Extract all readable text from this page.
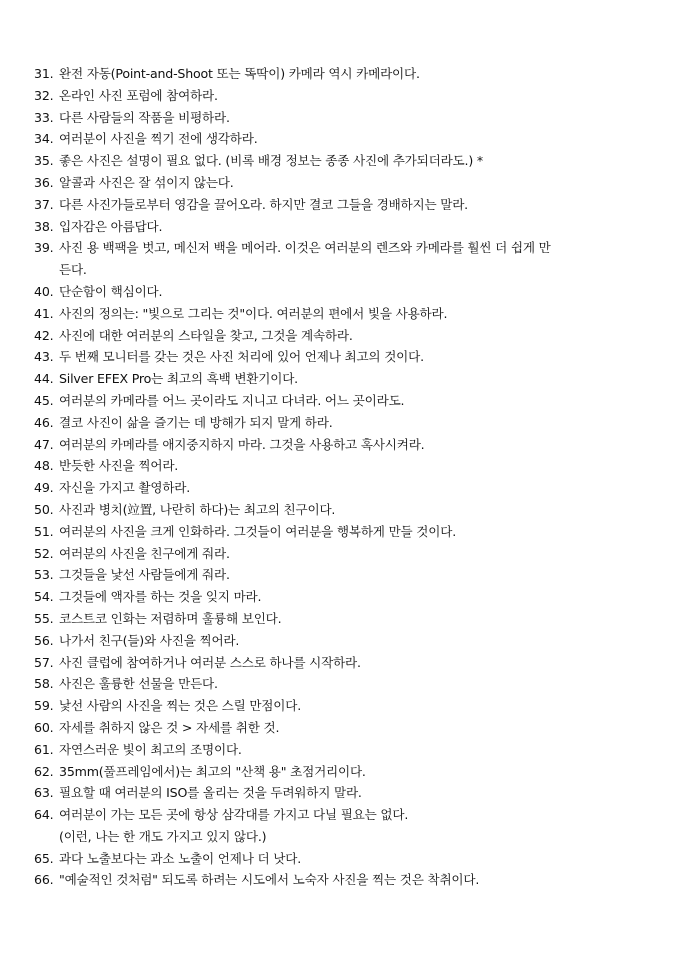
31. 완전 자동(Point-and-Shoot 또는 똑딱이) 카메라 역시 카메라이다.
32. 온라인 사진 포럼에 참여하라.
33. 다른 사람들의 작품을 비평하라.
34. 여러분이 사진을 찍기 전에 생각하라.
35. 좋은 사진은 설명이 필요 없다. (비록 배경 정보는 종종 사진에 추가되더라도.) *
36. 알콜과 사진은 잘 섞이지 않는다.
37. 다른 사진가들로부터 영감을 끌어오라. 하지만 결코 그들을 경배하지는 말라.
38. 입자감은 아름답다.
39. 사진 용 백팩을 벗고, 메신저 백을 메어라. 이것은 여러분의 렌즈와 카메라를 훨씬 더 쉽게 만
든다.
40. 단순함이 핵심이다.
41. 사진의 정의는: "빛으로 그리는 것"이다. 여러분의 편에서 빛을 사용하라.
42. 사진에 대한 여러분의 스타일을 찾고, 그것을 계속하라.
43. 두 번째 모니터를 갖는 것은 사진 처리에 있어 언제나 최고의 것이다.
44. Silver EFEX Pro는 최고의 흑백 변환기이다.
45. 여러분의 카메라를 어느 곳이라도 지니고 다녀라. 어느 곳이라도.
46. 결코 사진이 삶을 즐기는 데 방해가 되지 말게 하라.
47. 여러분의 카메라를 애지중지하지 마라. 그것을 사용하고 혹사시켜라.
48. 반듯한 사진을 찍어라.
49. 자신을 가지고 촬영하라.
50. 사진과 병치(竝置, 나란히 하다)는 최고의 친구이다.
51. 여러분의 사진을 크게 인화하라. 그것들이 여러분을 행복하게 만들 것이다.
52. 여러분의 사진을 친구에게 줘라.
53. 그것들을 낯선 사람들에게 줘라.
54. 그것들에 액자를 하는 것을 잊지 마라.
55. 코스트코 인화는 저렴하며 훌륭해 보인다.
56. 나가서 친구(들)와 사진을 찍어라.
57. 사진 클럽에 참여하거나 여러분 스스로 하나를 시작하라.
58. 사진은 훌륭한 선물을 만든다.
59. 낯선 사람의 사진을 찍는 것은 스릴 만점이다.
60. 자세를 취하지 않은 것 > 자세를 취한 것.
61. 자연스러운 빛이 최고의 조명이다.
62. 35mm(풀프레임에서)는 최고의 "산책 용" 초점거리이다.
63. 필요할 때 여러분의 ISO를 올리는 것을 두려워하지 말라.
64. 여러분이 가는 모든 곳에 항상 삼각대를 가지고 다닐 필요는 없다.
(이런, 나는 한 개도 가지고 있지 않다.)
65. 과다 노출보다는 과소 노출이 언제나 더 낫다.
66. "예술적인 것처럼" 되도록 하려는 시도에서 노숙자 사진을 찍는 것은 착취이다.
